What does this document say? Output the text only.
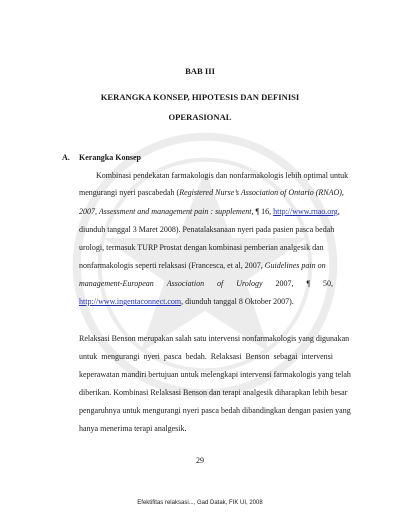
BAB III
KERANGKA KONSEP, HIPOTESIS DAN DEFINISI
OPERASIONAL
A. Kerangka Konsep
Kombinasi pendekatan farmakologis dan nonfarmakologis lebih optimal untuk
mengurangi nyeri pascabedah (Registered Nurse’s Association of Ontario (RNAO),
2007, Assessment and management pain : supplement, ¶ 16, http://www.rnao.org,
diunduh tanggal 3 Maret 2008). Penatalaksanaan nyeri pada pasien pasca bedah
urologi, termasuk TURP Prostat dengan kombinasi pemberian analgesik dan
nonfarmakologis seperti relaksasi (Francesca, et al, 2007, Guidelines pain on
management-European Association of Urology 2007, ¶ 50,
http://www.ingentaconnect.com, diunduh tanggal 8 Oktober 2007).
Relaksasi Benson merupakan salah satu intervensi nonfarmakologis yang digunakan
untuk mengurangi nyeri pasca bedah. Relaksasi Benson sebagai intervensi
keperawatan mandiri bertujuan untuk melengkapi intervensi farmakologis yang telah
diberikan. Kombinasi Relaksasi Benson dan terapi analgesik diharapkan lebih besar
pengaruhnya untuk mengurangi nyeri pasca bedah dibandingkan dengan pasien yang
hanya menerima terapi analgesik.
29
Efektifitas relaksasi..., Gad Datak, FIK UI, 2008
